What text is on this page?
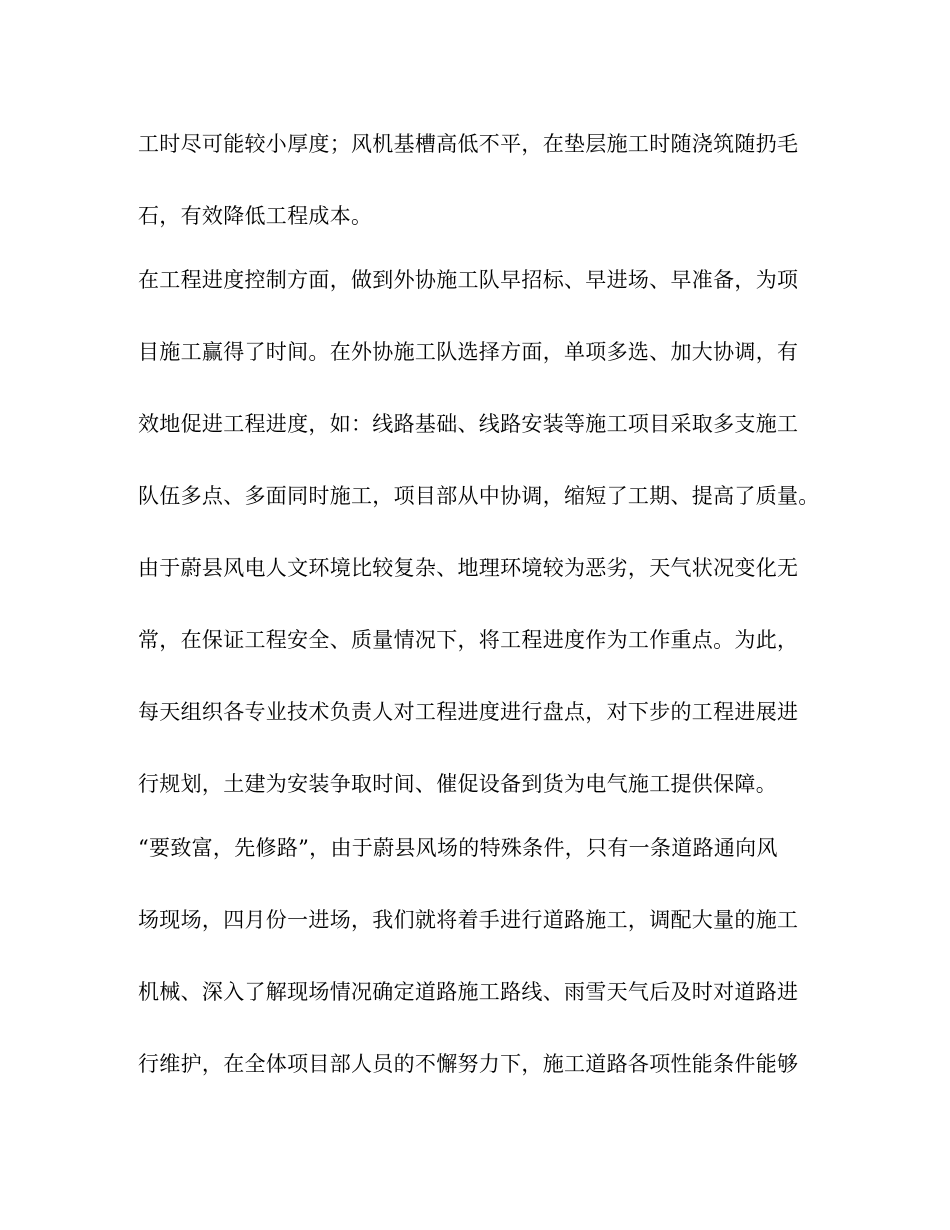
工时尽可能较小厚度；风机基槽高低不平，在垫层施工时随浇筑随扔毛
石，有效降低工程成本。
在工程进度控制方面，做到外协施工队早招标、早进场、早准备，为项
目施工赢得了时间。在外协施工队选择方面，单项多选、加大协调，有
效地促进工程进度，如：线路基础、线路安装等施工项目采取多支施工
队伍多点、多面同时施工，项目部从中协调，缩短了工期、提高了质量。
由于蔚县风电人文环境比较复杂、地理环境较为恶劣，天气状况变化无
常，在保证工程安全、质量情况下，将工程进度作为工作重点。为此，
每天组织各专业技术负责人对工程进度进行盘点，对下步的工程进展进
行规划，土建为安装争取时间、催促设备到货为电气施工提供保障。
“要致富，先修路”，由于蔚县风场的特殊条件，只有一条道路通向风
场现场，四月份一进场，我们就将着手进行道路施工，调配大量的施工
机械、深入了解现场情况确定道路施工路线、雨雪天气后及时对道路进
行维护，在全体项目部人员的不懈努力下，施工道路各项性能条件能够
